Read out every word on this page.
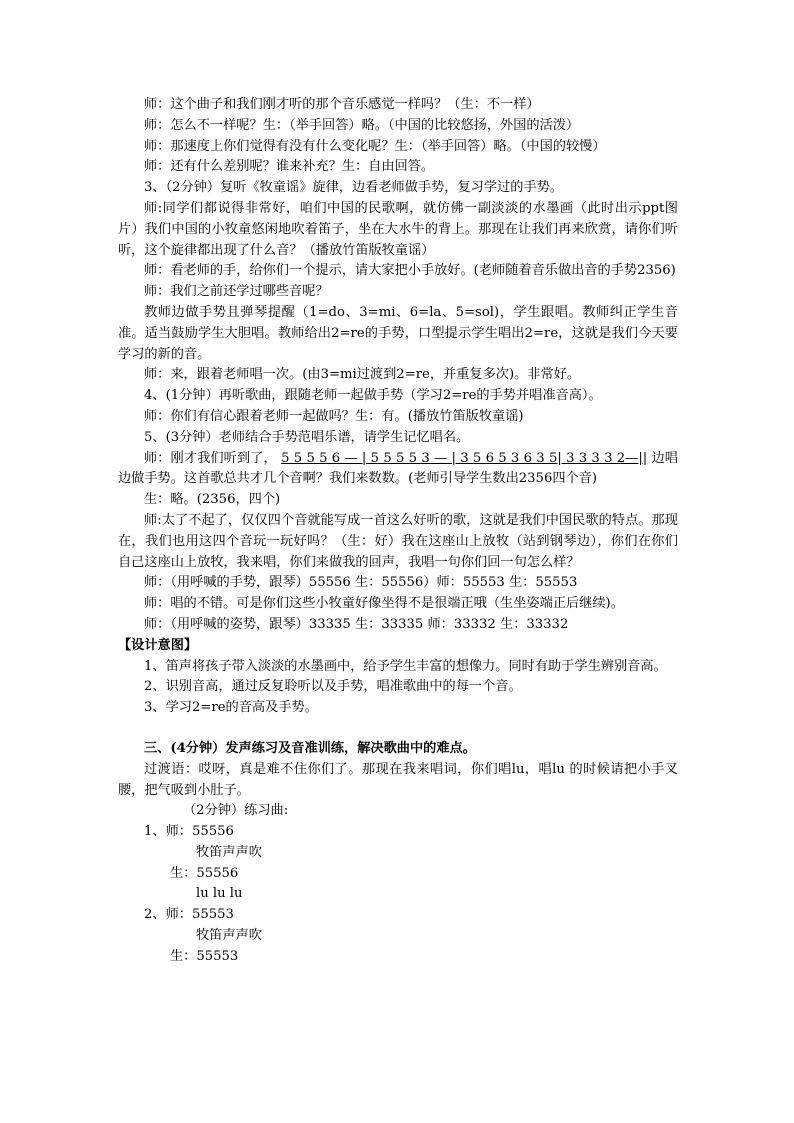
师：这个曲子和我们刚才听的那个音乐感觉一样吗？（生：不一样）

师：怎么不一样呢？生：（举手回答）略。（中国的比较悠扬，外国的活泼）

师：那速度上你们觉得有没有什么变化呢？生：（举手回答）略。（中国的较慢）

师：还有什么差别呢？谁来补充？生：自由回答。

3、（2分钟）复听《牧童谣》旋律，边看老师做手势，复习学过的手势。

师:同学们都说得非常好，咱们中国的民歌啊，就仿佛一副淡淡的水墨画（此时出示ppt图片）我们中国的小牧童悠闲地吹着笛子，坐在大水牛的背上。那现在让我们再来欣赏，请你们听听，这个旋律都出现了什么音？（播放竹笛版牧童谣）

师：看老师的手，给你们一个提示，请大家把小手放好。(老师随着音乐做出音的手势2356)

师：我们之前还学过哪些音呢？

教师边做手势且弹琴提醒（1=do、3=mi、6=la、5=sol)，学生跟唱。教师纠正学生音准。适当鼓励学生大胆唱。教师给出2=re的手势，口型提示学生唱出2=re，这就是我们今天要学习的新的音。

师：来，跟着老师唱一次。(由3=mi过渡到2=re，并重复多次)。非常好。

4、(1分钟）再听歌曲，跟随老师一起做手势（学习2=re的手势并唱准音高）。

师：你们有信心跟着老师一起做吗？生：有。(播放竹笛版牧童谣)

5、(3分钟）老师结合手势范唱乐谱，请学生记忆唱名。

师：刚才我们听到了， 5 5 5 5 6 — | 5 5 5 5 3 — | 3 5 6 5 3 6 3 5| 3 3 3 3 2—|| 边唱边做手势。这首歌总共才几个音啊？我们来数数。(老师引导学生数出2356四个音)

生：略。(2356，四个)

师:太了不起了，仅仅四个音就能写成一首这么好听的歌，这就是我们中国民歌的特点。那现在，我们也用这四个音玩一玩好吗？（生：好）我在这座山上放牧（站到钢琴边），你们在你们自己这座山上放牧，我来唱，你们来做我的回声，我唱一句你们回一句怎么样？

师：（用呼喊的手势，跟琴）55556 生：55556）师：55553 生：55553

师：唱的不错。可是你们这些小牧童好像坐得不是很端正哦（生坐姿端正后继续)。

师：（用呼喊的姿势，跟琴）33335 生：33335 师：33332 生：33332

【设计意图】

1、笛声将孩子带入淡淡的水墨画中，给予学生丰富的想像力。同时有助于学生辨别音高。

2、识别音高，通过反复聆听以及手势，唱准歌曲中的每一个音。

3、学习2=re的音高及手势。

三、(4分钟）发声练习及音准训练，解决歌曲中的难点。

过渡语：哎呀，真是难不住你们了。那现在我来唱词，你们唱lu，唱lu 的时候请把小手叉腰，把气吸到小肚子。

（2分钟）练习曲:

1、师：55556

牧笛声声吹

生：55556

lu lu lu

2、师：55553

牧笛声声吹

生：55553
